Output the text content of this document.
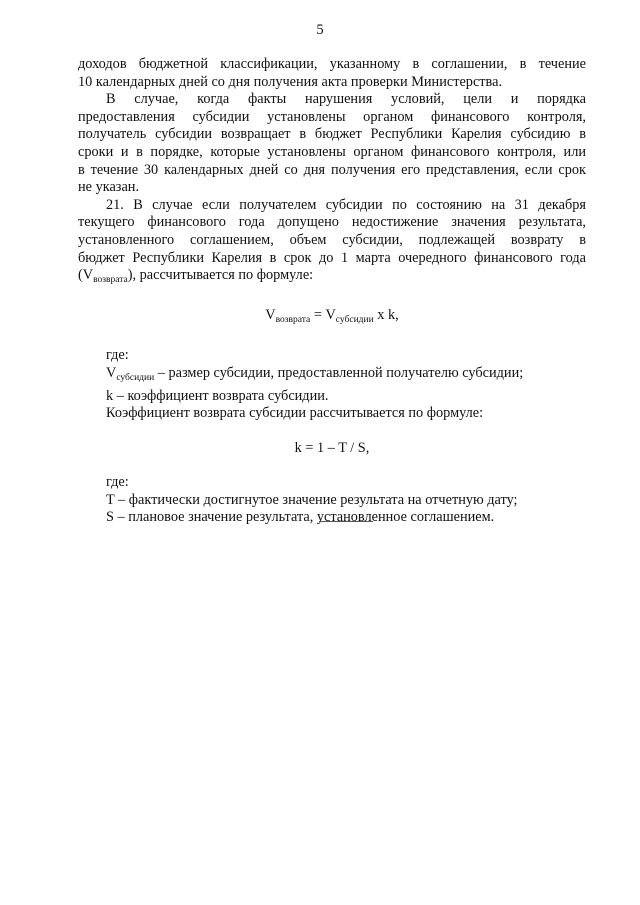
5
доходов бюджетной классификации, указанному в соглашении, в течение
10 календарных дней со дня получения акта проверки Министерства.
В случае, когда факты нарушения условий, цели и порядка
предоставления субсидии установлены органом финансового контроля,
получатель субсидии возвращает в бюджет Республики Карелия субсидию в
сроки и в порядке, которые установлены органом финансового контроля, или
в течение 30 календарных дней со дня получения его представления, если срок
не указан.
21. В случае если получателем субсидии по состоянию на 31 декабря
текущего финансового года допущено недостижение значения результата,
установленного соглашением, объем субсидии, подлежащей возврату в
бюджет Республики Карелия в срок до 1 марта очередного финансового года
$(V_{возврата})$, рассчитывается по формуле:
$V_{возврата} = V_{субсидии}$ x k,
где:
$V_{субсидии}$ – размер субсидии, предоставленной получателю субсидии;
k – коэффициент возврата субсидии.
Коэффициент возврата субсидии рассчитывается по формуле:
k = 1 – T / S,
где:
T – фактически достигнутое значение результата на отчетную дату;
S – плановое значение результата, установленное соглашением.
